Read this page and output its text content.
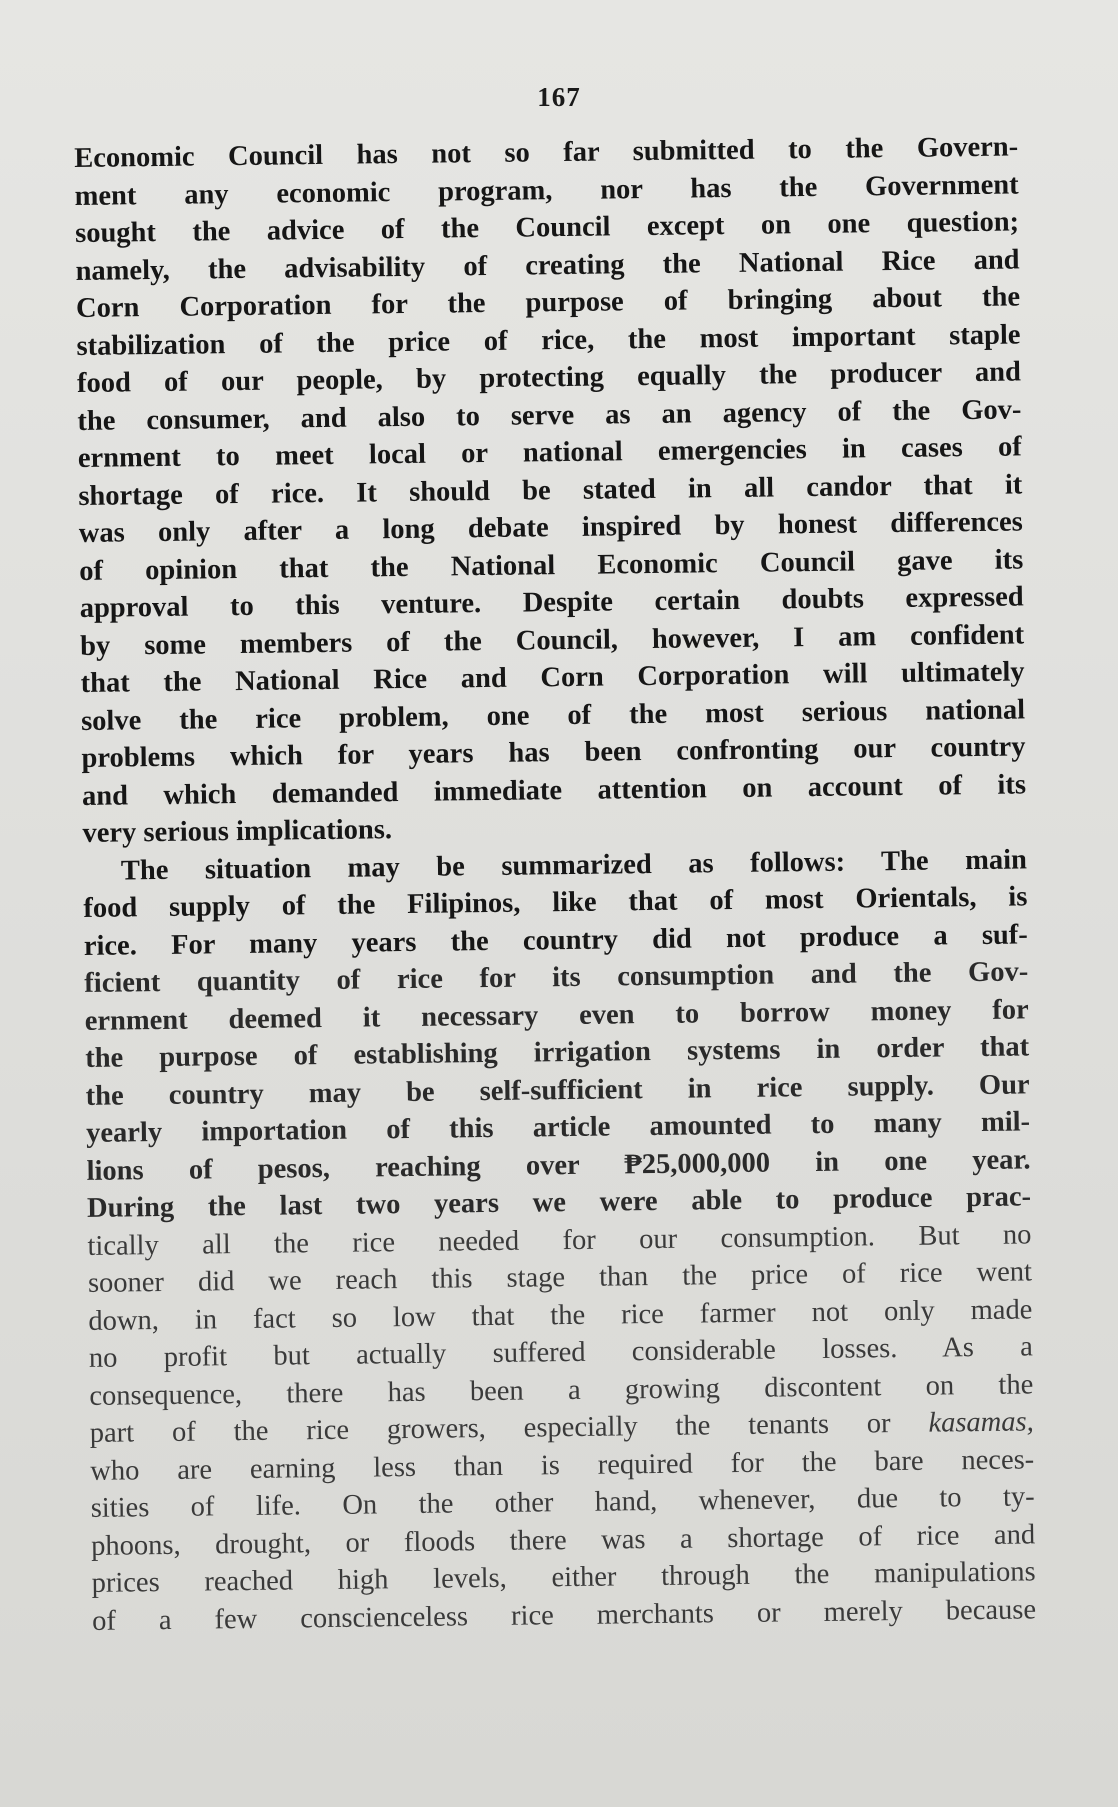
167
Economic Council has not so far submitted to the Govern-
ment any economic program, nor has the Government
sought the advice of the Council except on one question;
namely, the advisability of creating the National Rice and
Corn Corporation for the purpose of bringing about the
stabilization of the price of rice, the most important staple
food of our people, by protecting equally the producer and
the consumer, and also to serve as an agency of the Gov-
ernment to meet local or national emergencies in cases of
shortage of rice. It should be stated in all candor that it
was only after a long debate inspired by honest differences
of opinion that the National Economic Council gave its
approval to this venture. Despite certain doubts expressed
by some members of the Council, however, I am confident
that the National Rice and Corn Corporation will ultimately
solve the rice problem, one of the most serious national
problems which for years has been confronting our country
and which demanded immediate attention on account of its
very serious implications.
The situation may be summarized as follows: The main
food supply of the Filipinos, like that of most Orientals, is
rice. For many years the country did not produce a suf-
ficient quantity of rice for its consumption and the Gov-
ernment deemed it necessary even to borrow money for
the purpose of establishing irrigation systems in order that
the country may be self-sufficient in rice supply. Our
yearly importation of this article amounted to many mil-
lions of pesos, reaching over ₱25,000,000 in one year.
During the last two years we were able to produce prac-
tically all the rice needed for our consumption. But no
sooner did we reach this stage than the price of rice went
down, in fact so low that the rice farmer not only made
no profit but actually suffered considerable losses. As a
consequence, there has been a growing discontent on the
part of the rice growers, especially the tenants or kasamas,
who are earning less than is required for the bare neces-
sities of life. On the other hand, whenever, due to ty-
phoons, drought, or floods there was a shortage of rice and
prices reached high levels, either through the manipulations
of a few conscienceless rice merchants or merely because
